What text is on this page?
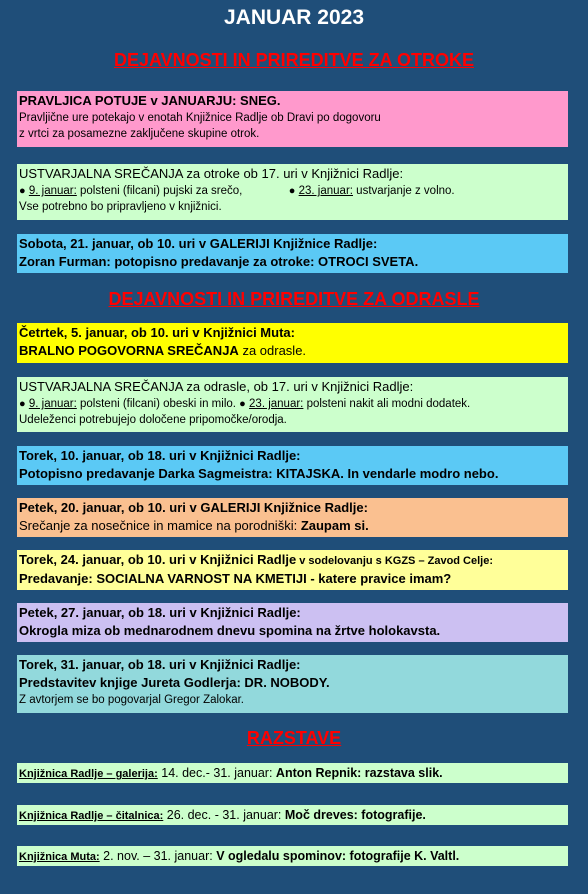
JANUAR 2023
DEJAVNOSTI IN PRIREDITVE ZA OTROKE
PRAVLJICA POTUJE v JANUARJU: SNEG.
Pravljične ure potekajo v enotah Knjižnice Radlje ob Dravi po dogovoru
z vrtci za posamezne zaključene skupine otrok.
USTVARJALNA SREČANJA za otroke ob 17. uri v Knjižnici Radlje:
● 9. januar: polsteni (filcani) pujski za srečo,	● 23. januar: ustvarjanje z volno.
Vse potrebno bo pripravljeno v knjižnici.
Sobota, 21. januar, ob 10. uri v GALERIJI Knjižnice Radlje:
Zoran Furman: potopisno predavanje za otroke: OTROCI SVETA.
DEJAVNOSTI IN PRIREDITVE ZA ODRASLE
Četrtek, 5. januar, ob 10. uri v Knjižnici Muta:
BRALNO POGOVORNA SREČANJA za odrasle.
USTVARJALNA SREČANJA za odrasle, ob 17. uri v Knjižnici Radlje:
● 9. januar: polsteni (filcani) obeski in milo. ● 23. januar: polsteni nakit ali modni dodatek.
Udeleženci potrebujejo določene pripomočke/orodja.
Torek, 10. januar, ob 18. uri v Knjižnici Radlje:
Potopisno predavanje Darka Sagmeistra: KITAJSKA. In vendarle modro nebo.
Petek, 20. januar, ob 10. uri v GALERIJI Knjižnice Radlje:
Srečanje za nosečnice in mamice na porodniški: Zaupam si.
Torek, 24. januar, ob 10. uri v Knjižnici Radlje v sodelovanju s KGZS – Zavod Celje:
Predavanje: SOCIALNA VARNOST NA KMETIJI - katere pravice imam?
Petek, 27. januar, ob 18. uri v Knjižnici Radlje:
Okrogla miza ob mednarodnem dnevu spomina na žrtve holokavsta.
Torek, 31. januar, ob 18. uri v Knjižnici Radlje:
Predstavitev knjige Jureta Godlerja: DR. NOBODY.
Z avtorjem se bo pogovarjal Gregor Zalokar.
RAZSTAVE
Knjižnica Radlje – galerija: 14. dec.- 31. januar: Anton Repnik: razstava slik.
Knjižnica Radlje – čitalnica: 26. dec. - 31. januar: Moč dreves: fotografije.
Knjižnica Muta: 2. nov. – 31. januar: V ogledalu spominov: fotografije K. Valtl.
